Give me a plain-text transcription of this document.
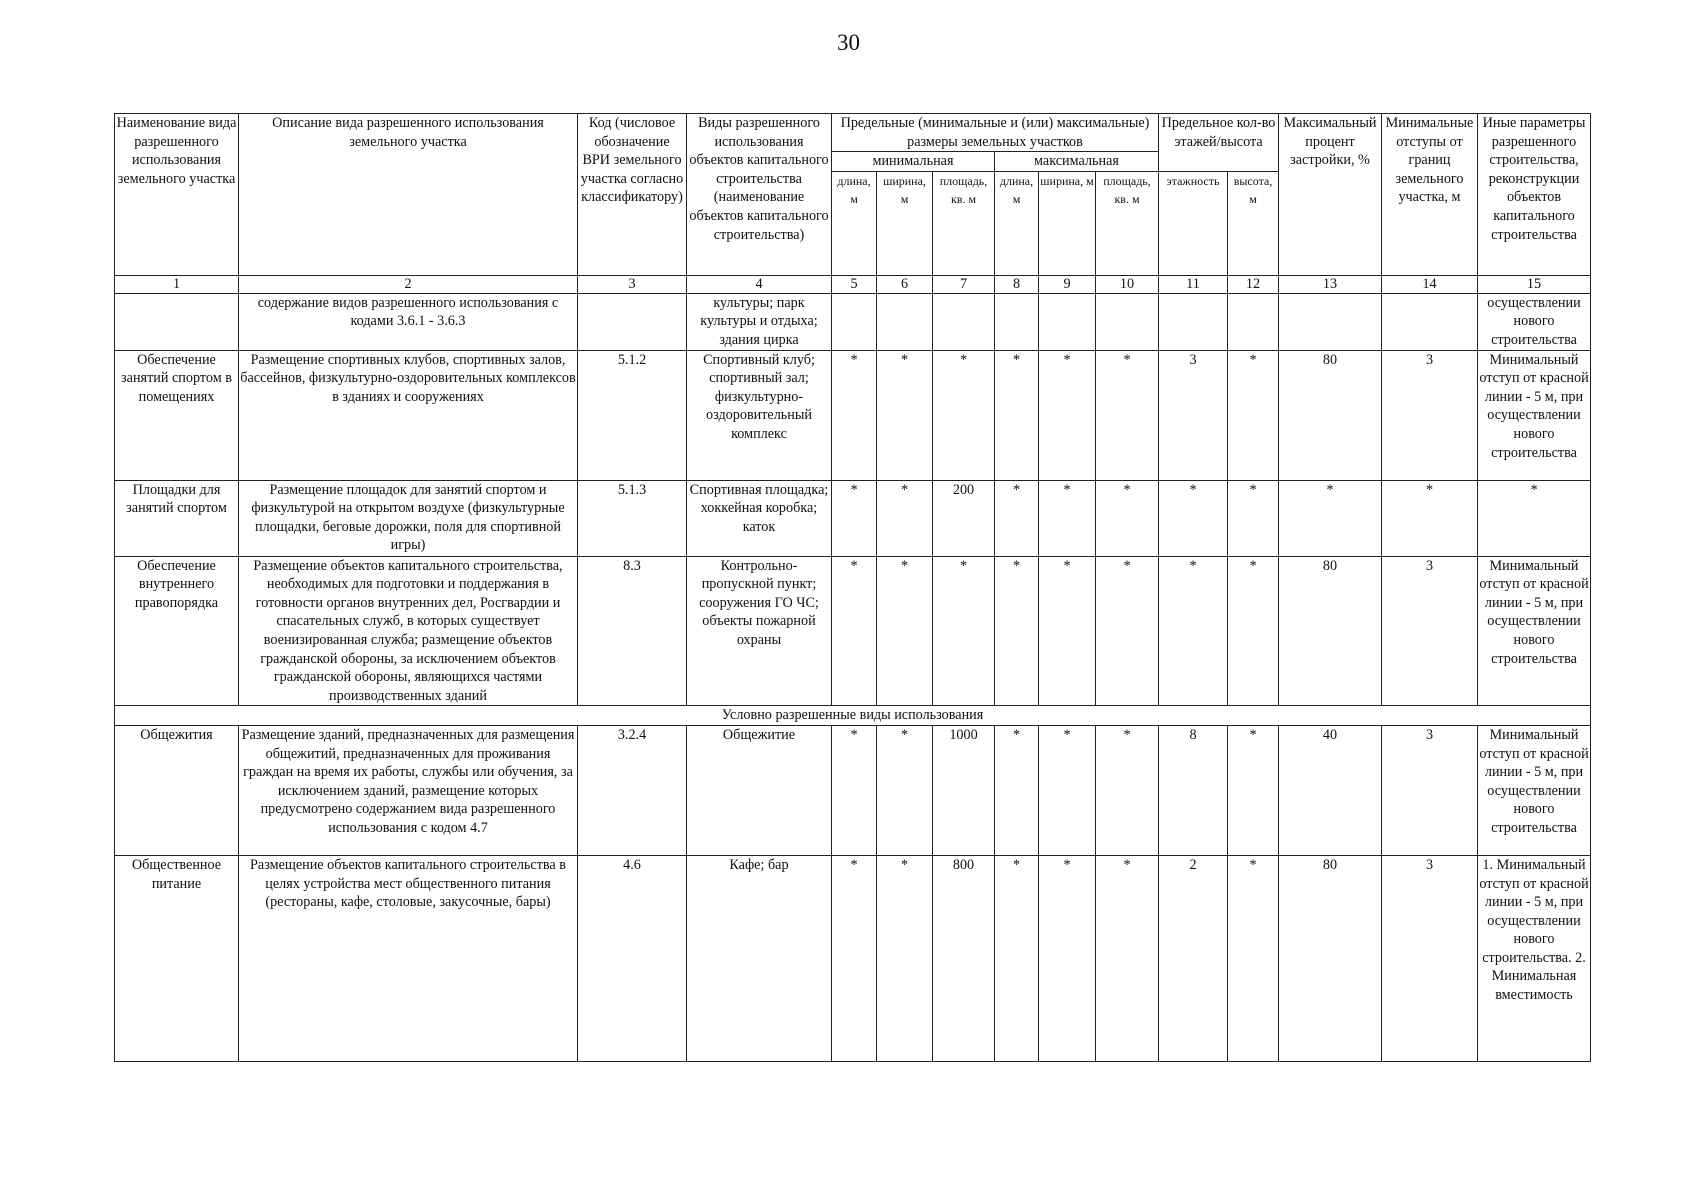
30
Наименование вида разрешенного использования земельного участка	Описание вида разрешенного использования земельного участка	Код (числовое обозначение ВРИ земельного участка согласно классификатору)	Виды разрешенного использования объектов капитального строительства (наименование объектов капитального строительства)	Предельные (минимальные и (или) максимальные) размеры земельных участков						Предельное кол-во этажей/высота		Максимальный процент застройки, %	Минимальные отступы от границ земельного участка, м	Иные параметры разрешенного строительства, реконструкции объектов капитального строительства

				минимальная			максимальная							
				длина, м	ширина, м	площадь, кв. м	длина, м	ширина, м	площадь, кв. м	этажность	высота, м			
1	2	3	4	5	6	7	8	9	10	11	12	13	14	15
	содержание видов разрешенного использования с кодами 3.6.1 - 3.6.3		культуры; парк культуры и отдыха; здания цирка											осуществлении нового строительства
Обеспечение занятий спортом в помещениях	Размещение спортивных клубов, спортивных залов, бассейнов, физкультурно-оздоровительных комплексов в зданиях и сооружениях	5.1.2	Спортивный клуб; спортивный зал; физкультурно-оздоровительный комплекс	*	*	*	*	*	*	3	*	80	3	Минимальный отступ от красной линии - 5 м, при осуществлении нового строительства
Площадки для занятий спортом	Размещение площадок для занятий спортом и физкультурой на открытом воздухе (физкультурные площадки, беговые дорожки, поля для спортивной игры)	5.1.3	Спортивная площадка; хоккейная коробка; каток	*	*	200	*	*	*	*	*	*	*	*
Обеспечение внутреннего правопорядка	Размещение объектов капитального строительства, необходимых для подготовки и поддержания в готовности органов внутренних дел, Росгвардии и спасательных служб, в которых существует военизированная служба; размещение объектов гражданской обороны, за исключением объектов гражданской обороны, являющихся частями производственных зданий	8.3	Контрольно-пропускной пункт; сооружения ГО ЧС; объекты пожарной охраны	*	*	*	*	*	*	*	*	80	3	Минимальный отступ от красной линии - 5 м, при осуществлении нового строительства
Условно разрешенные виды использования														
Общежития	Размещение зданий, предназначенных для размещения общежитий, предназначенных для проживания граждан на время их работы, службы или обучения, за исключением зданий, размещение которых предусмотрено содержанием вида разрешенного использования с кодом 4.7	3.2.4	Общежитие	*	*	1000	*	*	*	8	*	40	3	Минимальный отступ от красной линии - 5 м, при осуществлении нового строительства
Общественное питание	Размещение объектов капитального строительства в целях устройства мест общественного питания (рестораны, кафе, столовые, закусочные, бары)	4.6	Кафе; бар	*	*	800	*	*	*	2	*	80	3	1. Минимальный отступ от красной линии - 5 м, при осуществлении нового строительства. 2. Минимальная вместимость
